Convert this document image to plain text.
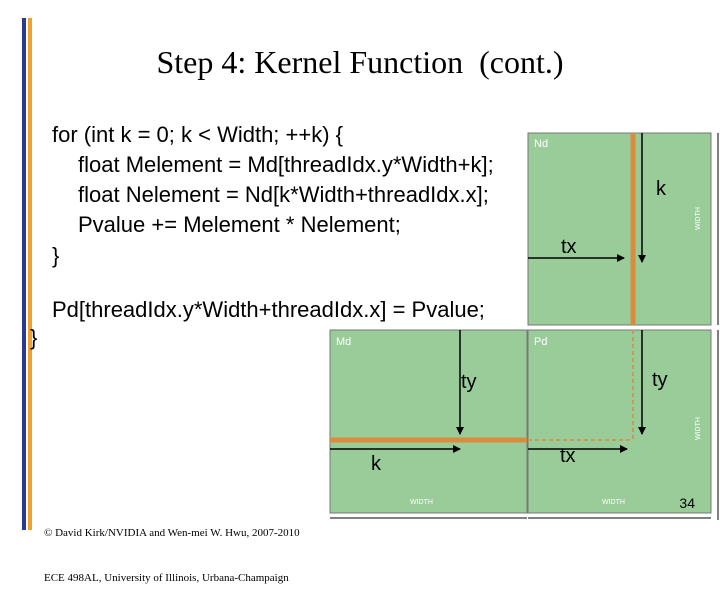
Step 4: Kernel Function  (cont.)
Nd
k
tx
WIDTH
Md
ty
k
WIDTH
Pd
ty
tx
WIDTH
WIDTH
for (int k = 0; k < Width; ++k) {
float Melement = Md[threadIdx.y*Width+k];
float Nelement = Nd[k*Width+threadIdx.x];
Pvalue += Melement * Nelement;
}
Pd[threadIdx.y*Width+threadIdx.x] = Pvalue;
}

© David Kirk/NVIDIA and Wen-mei W. Hwu, 2007-2010

ECE 498AL, University of Illinois, Urbana-Champaign

34
